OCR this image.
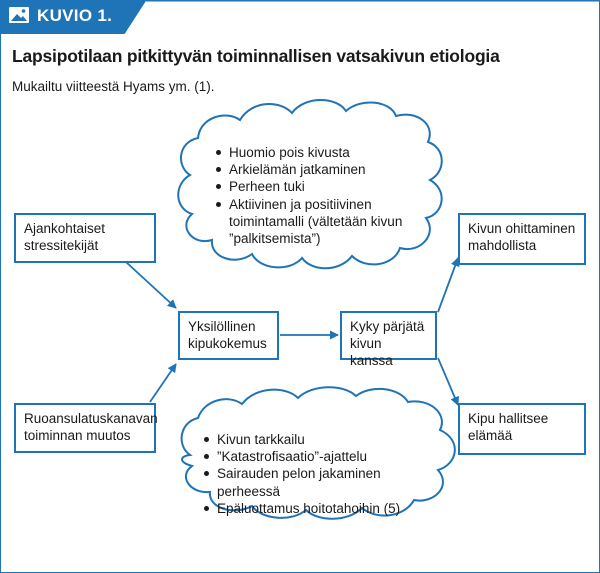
KUVIO 1.
Lapsipotilaan pitkittyvän toiminnallisen vatsakivun etiologia
Mukailtu viitteestä Hyams ym. (1).
Ajankohtaiset
stressitekijät
Ruoansulatuskanavan
toiminnan muutos
Yksilöllinen
kipukokemus
Kyky pärjätä
kivun kanssa
Kivun ohittaminen
mahdollista
Kipu hallitsee
elämää
Huomio pois kivusta
Arkielämän jatkaminen
Perheen tuki
Aktiivinen ja positiivinen
toimintamalli (vältetään kivun
”palkitsemista”)
Kivun tarkkailu
”Katastrofisaatio”-ajattelu
Sairauden pelon jakaminen perheessä
Epäluottamus hoitotahoihin (5)
